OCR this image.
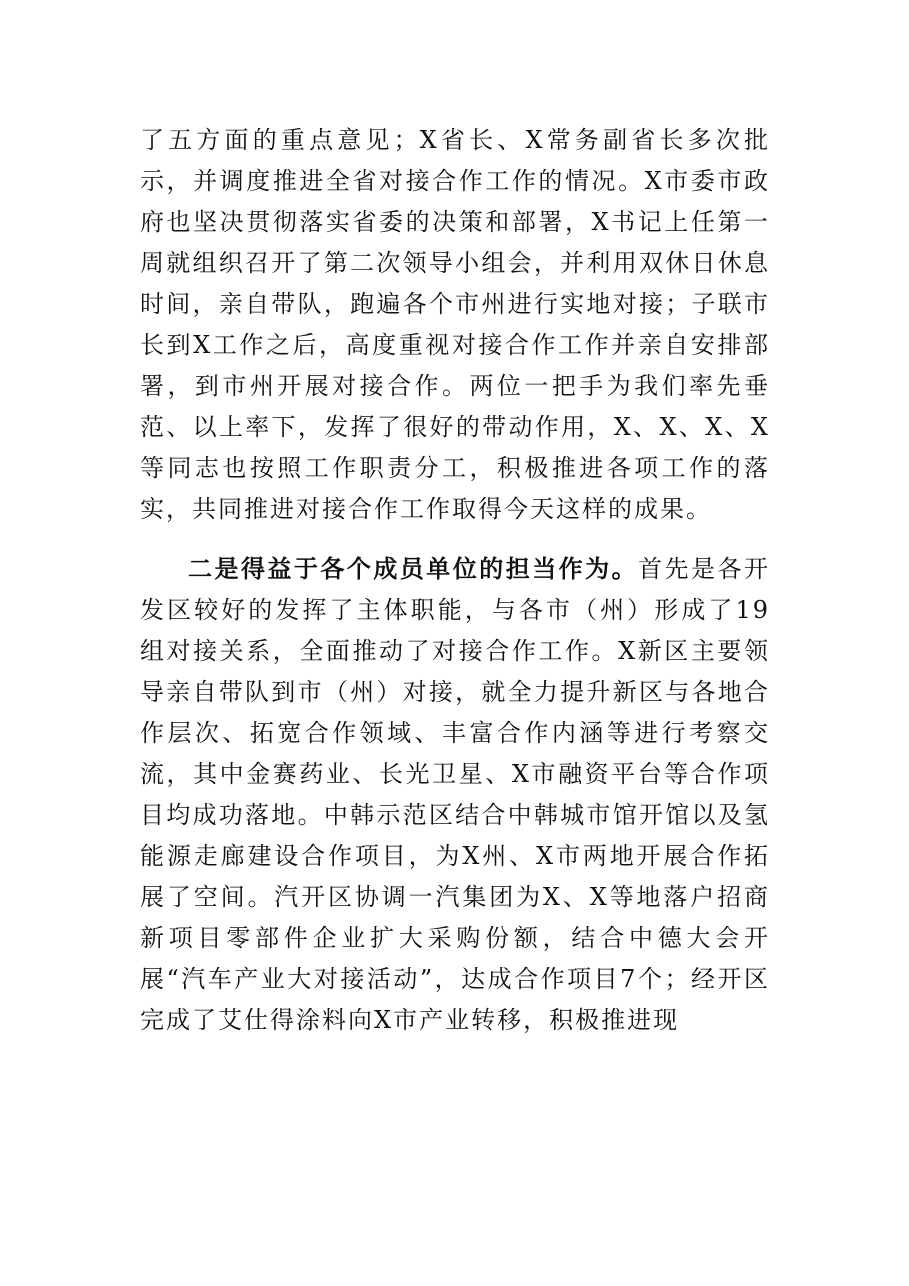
了五方面的重点意见；X省长、X常务副省长多次批示，并调度推进全省对接合作工作的情况。X市委市政府也坚决贯彻落实省委的决策和部署，X书记上任第一周就组织召开了第二次领导小组会，并利用双休日休息时间，亲自带队，跑遍各个市州进行实地对接；子联市长到X工作之后，高度重视对接合作工作并亲自安排部署，到市州开展对接合作。两位一把手为我们率先垂范、以上率下，发挥了很好的带动作用，X、X、X、X等同志也按照工作职责分工，积极推进各项工作的落实，共同推进对接合作工作取得今天这样的成果。

二是得益于各个成员单位的担当作为。首先是各开发区较好的发挥了主体职能，与各市（州）形成了19组对接关系，全面推动了对接合作工作。X新区主要领导亲自带队到市（州）对接，就全力提升新区与各地合作层次、拓宽合作领域、丰富合作内涵等进行考察交流，其中金赛药业、长光卫星、X市融资平台等合作项目均成功落地。中韩示范区结合中韩城市馆开馆以及氢能源走廊建设合作项目，为X州、X市两地开展合作拓展了空间。汽开区协调一汽集团为X、X等地落户招商新项目零部件企业扩大采购份额，结合中德大会开展“汽车产业大对接活动”，达成合作项目7个；经开区完成了艾仕得涂料向X市产业转移，积极推进现
